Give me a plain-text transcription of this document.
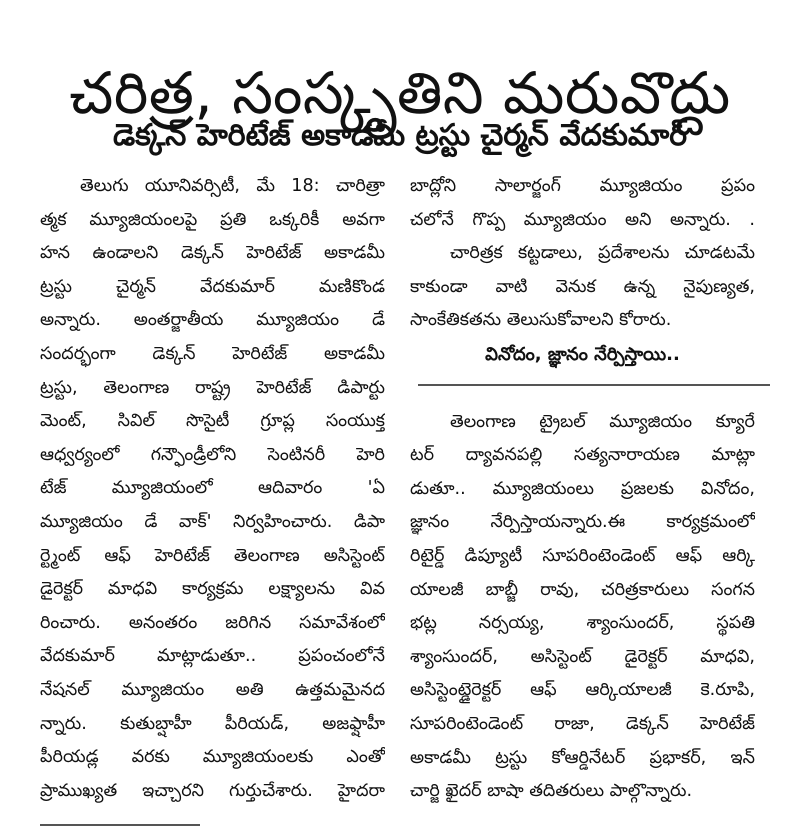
చరిత్ర, సంస్కృతిని మరువొద్దు
డెక్కన్ హెరిటేజ్ అకాడమీ ట్రస్టు చైర్మన్ వేదకుమార్
తెలుగు యూనివర్సిటీ, మే 18: చారిత్రా
త్మక మ్యూజియంలపై ప్రతి ఒక్కరికీ అవగా
హన ఉండాలని డెక్కన్ హెరిటేజ్ అకాడమీ
ట్రస్టు చైర్మన్ వేదకుమార్ మణికొండ
అన్నారు. అంతర్జాతీయ మ్యూజియం డే
సందర్భంగా డెక్కన్ హెరిటేజ్ అకాడమీ
ట్రస్టు, తెలంగాణ రాష్ట్ర హెరిటేజ్ డిపార్టు
మెంట్, సివిల్ సొసైటీ గ్రూప్ల సంయుక్త
ఆధ్వర్యంలో గన్ఫౌండ్రీలోని సెంటినరీ హెరి
టేజ్ మ్యూజియంలో ఆదివారం 'ఏ
మ్యూజియం డే వాక్' నిర్వహించారు. డిపా
ర్ట్మెంట్ ఆఫ్ హెరిటేజ్ తెలంగాణ అసిస్టెంట్
డైరెక్టర్ మాధవి కార్యక్రమ లక్ష్యాలను వివ
రించారు. అనంతరం జరిగిన సమావేశంలో
వేదకుమార్ మాట్లాడుతూ.. ప్రపంచంలోనే
నేషనల్ మ్యూజియం అతి ఉత్తమమైనద
న్నారు. కుతుబ్షాహీ పీరియడ్, అజఫ్షాహీ
పీరియడ్ల వరకు మ్యూజియంలకు ఎంతో
ప్రాముఖ్యత ఇచ్చారని గుర్తుచేశారు. హైదరా
బాద్లోని సాలార్జంగ్ మ్యూజియం ప్రపం
చలోనే గొప్ప మ్యూజియం అని అన్నారు. .
చారిత్రక కట్టడాలు, ప్రదేశాలను చూడటమే
కాకుండా వాటి వెనుక ఉన్న నైపుణ్యత,
సాంకేతికతను తెలుసుకోవాలని కోరారు.
వినోదం, జ్ఞానం నేర్పిస్తాయి..
తెలంగాణ ట్రైబల్ మ్యూజియం క్యూరే
టర్ ద్యావనపల్లి సత్యనారాయణ మాట్లా
డుతూ.. మ్యూజియంలు ప్రజలకు వినోదం,
జ్ఞానం నేర్పిస్తాయన్నారు.ఈ కార్యక్రమంలో
రిటైర్డ్ డిప్యూటీ సూపరింటెండెంట్ ఆఫ్ ఆర్కి
యాలజీ బాబ్జీ రావు, చరిత్రకారులు సంగన
భట్ల నర్సయ్య, శ్యాంసుందర్, స్థపతి
శ్యాంసుందర్, అసిస్టెంట్ డైరెక్టర్ మాధవి,
అసిస్టెంట్డైరెక్టర్ ఆఫ్ ఆర్కియాలజీ కె.రూపి,
సూపరింటెండెంట్ రాజా, డెక్కన్ హెరిటేజ్
అకాడమీ ట్రస్టు కోఆర్డినేటర్ ప్రభాకర్, ఇన్
చార్జి ఖైదర్ బాషా తదితరులు పాల్గొన్నారు.
